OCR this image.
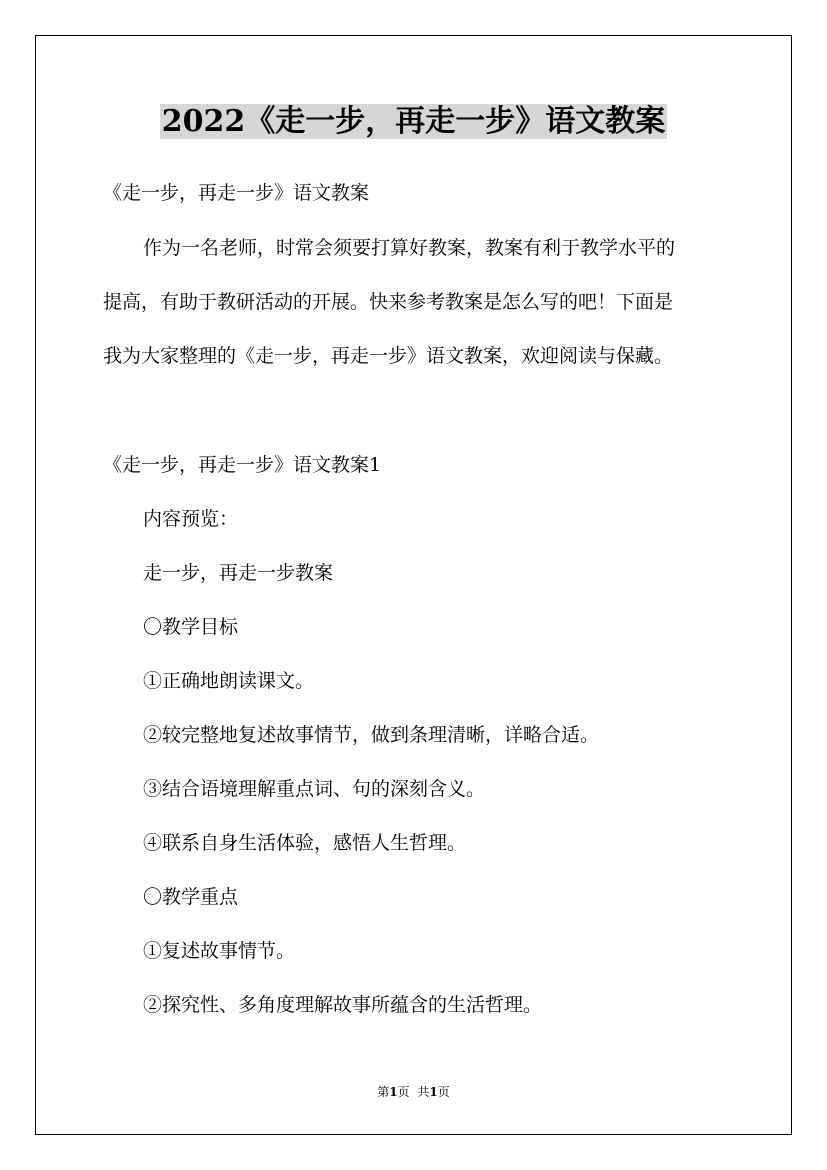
2022《走一步，再走一步》语文教案
《走一步，再走一步》语文教案
作为一名老师，时常会须要打算好教案，教案有利于教学水平的
提高，有助于教研活动的开展。快来参考教案是怎么写的吧！下面是
我为大家整理的《走一步，再走一步》语文教案，欢迎阅读与保藏。
《走一步，再走一步》语文教案1
内容预览：
走一步，再走一步教案
〇教学目标
①正确地朗读课文。
②较完整地复述故事情节，做到条理清晰，详略合适。
③结合语境理解重点词、句的深刻含义。
④联系自身生活体验，感悟人生哲理。
〇教学重点
①复述故事情节。
②探究性、多角度理解故事所蕴含的生活哲理。
第1页 共1页
